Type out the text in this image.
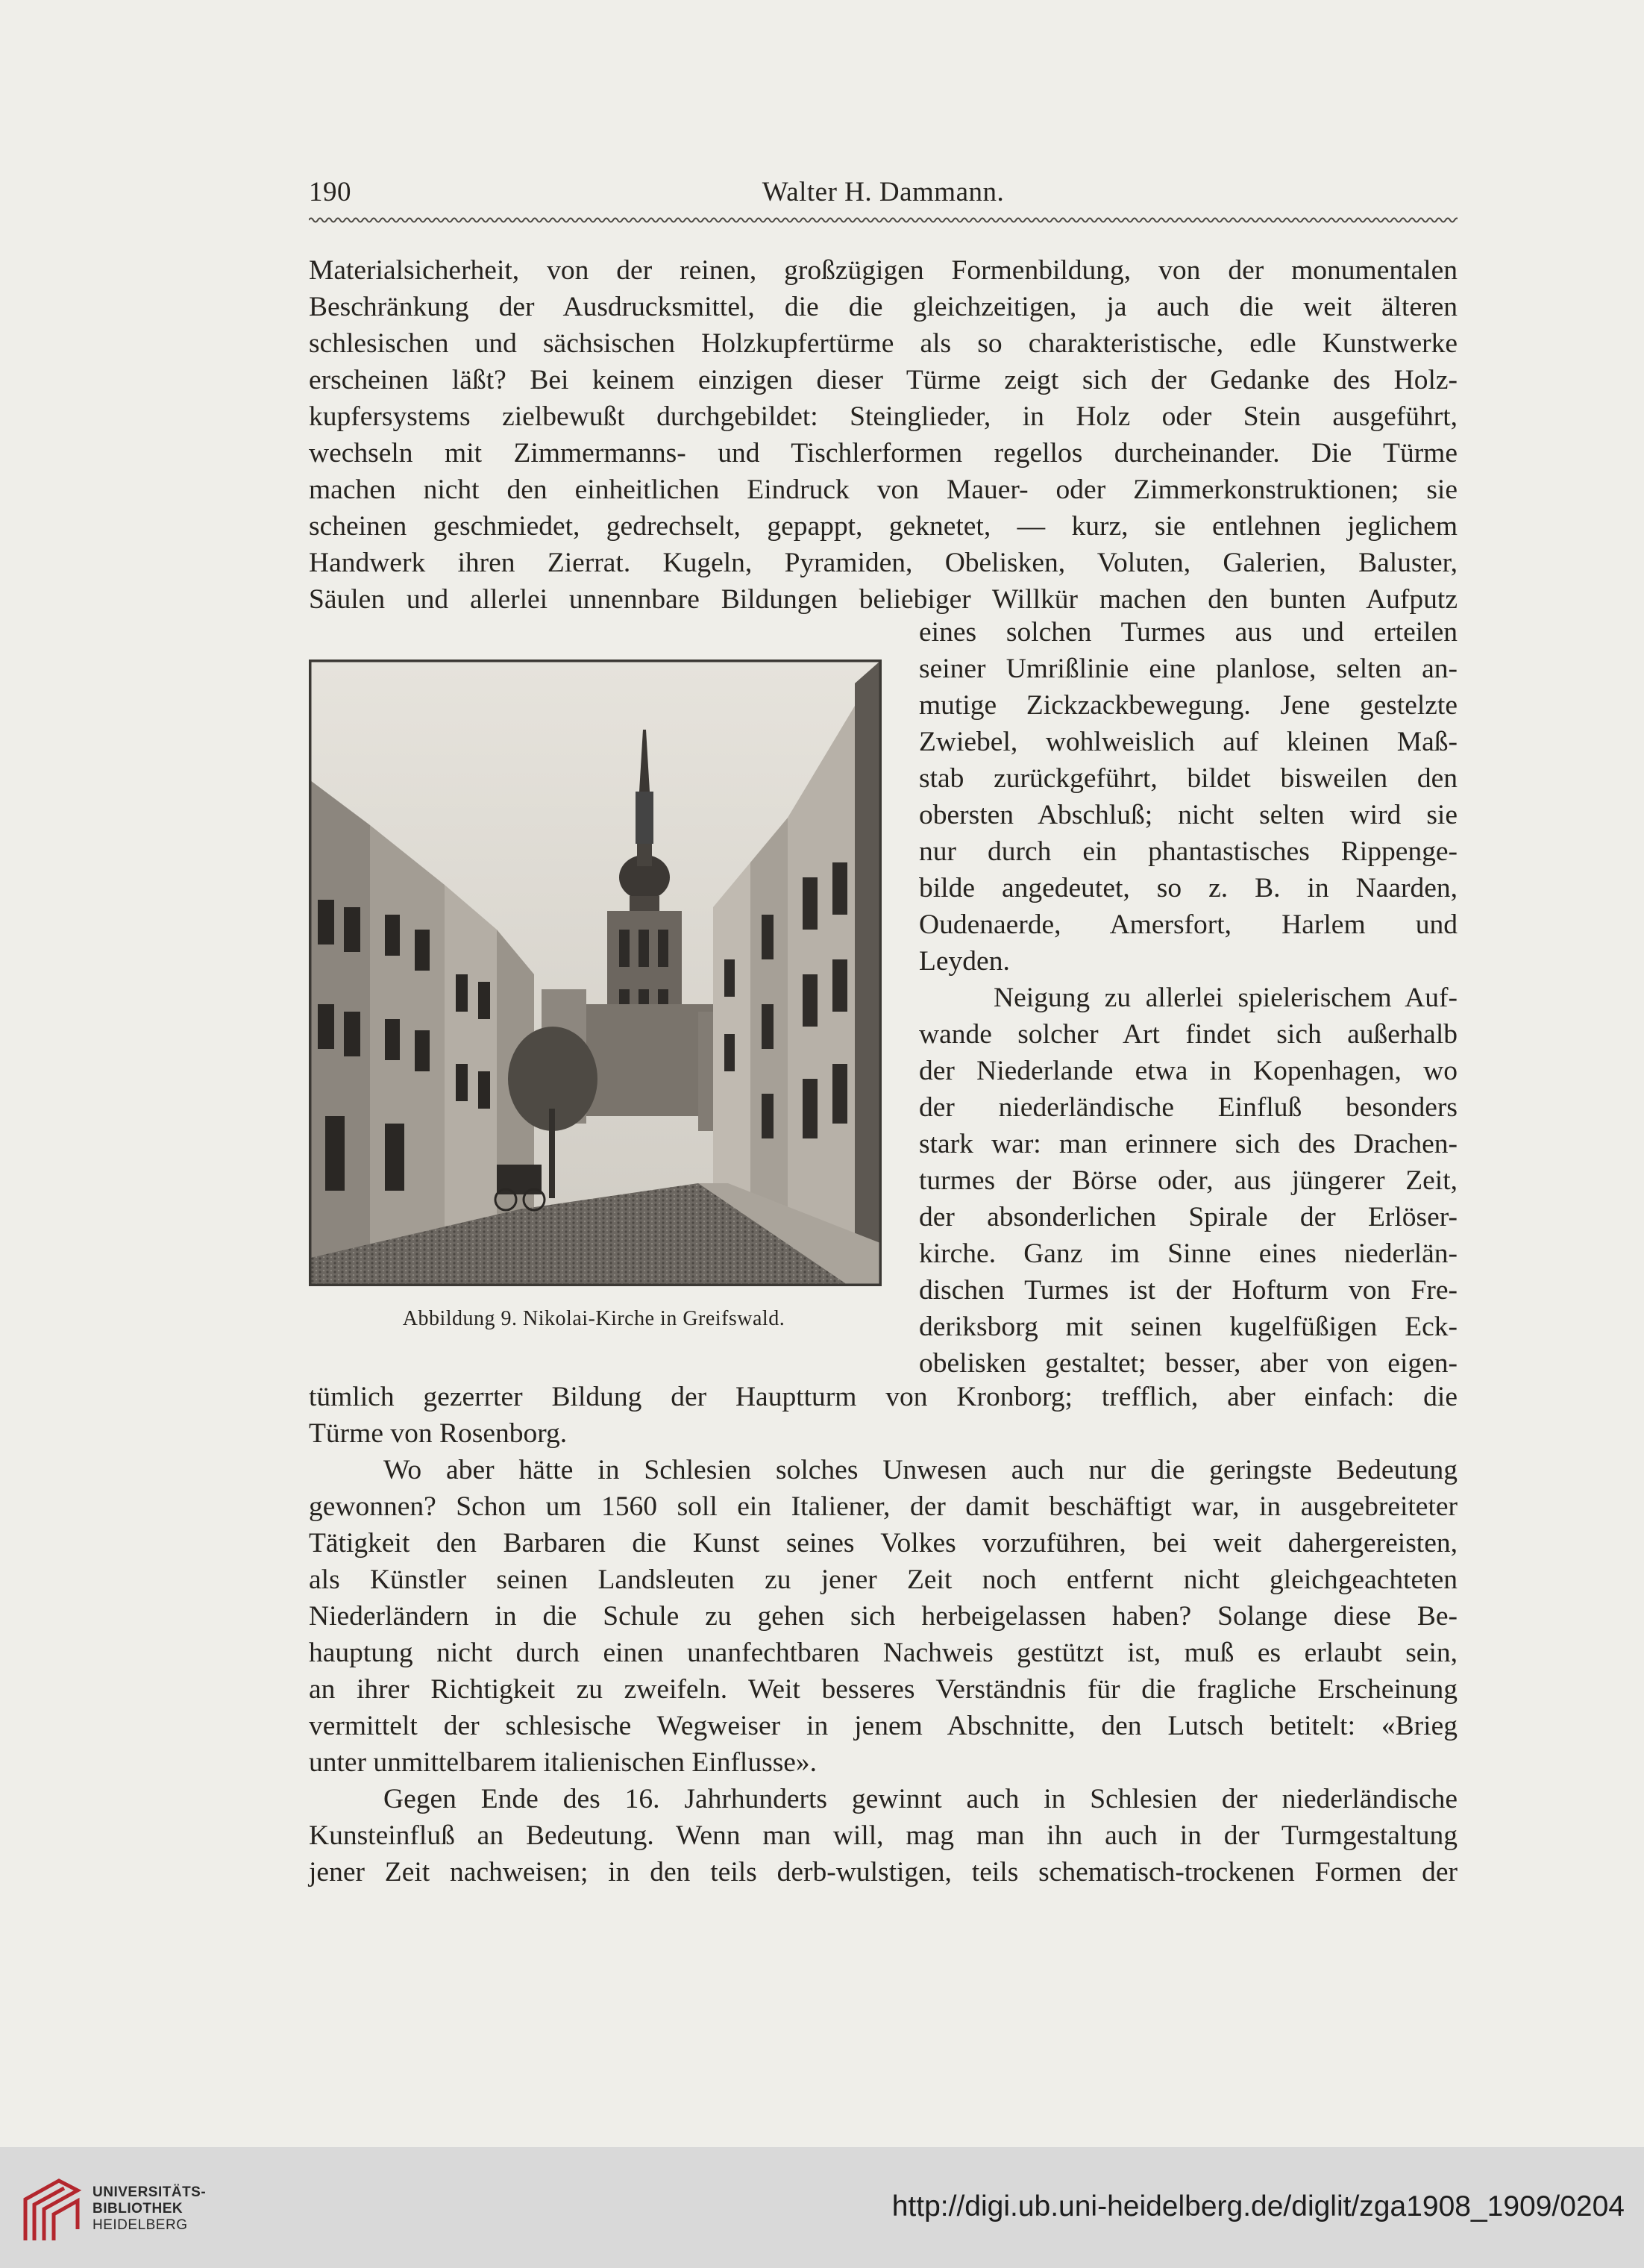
190	Walter H. Dammann.
Materialsicherheit, von der reinen, großzügigen Formenbildung, von der monumentalen
Beschränkung der Ausdrucksmittel, die die gleichzeitigen, ja auch die weit älteren
schlesischen und sächsischen Holzkupfertürme als so charakteristische, edle Kunstwerke
erscheinen läßt? Bei keinem einzigen dieser Türme zeigt sich der Gedanke des Holz-
kupfersystems zielbewußt durchgebildet: Steinglieder, in Holz oder Stein ausgeführt,
wechseln mit Zimmermanns- und Tischlerformen regellos durcheinander. Die Türme
machen nicht den einheitlichen Eindruck von Mauer- oder Zimmerkonstruktionen; sie
scheinen geschmiedet, gedrechselt, gepappt, geknetet, — kurz, sie entlehnen jeglichem
Handwerk ihren Zierrat. Kugeln, Pyramiden, Obelisken, Voluten, Galerien, Baluster,
Säulen und allerlei unnennbare Bildungen beliebiger Willkür machen den bunten Aufputz
eines solchen Turmes aus und erteilen
seiner Umrißlinie eine planlose, selten an-
mutige Zickzackbewegung. Jene gestelzte
Zwiebel, wohlweislich auf kleinen Maß-
stab zurückgeführt, bildet bisweilen den
obersten Abschluß; nicht selten wird sie
nur durch ein phantastisches Rippenge-
bilde angedeutet, so z. B. in Naarden,
Oudenaerde, Amersfort, Harlem und
Leyden.
Neigung zu allerlei spielerischem Auf-
wande solcher Art findet sich außerhalb
der Niederlande etwa in Kopenhagen, wo
der niederländische Einfluß besonders
stark war: man erinnere sich des Drachen-
turmes der Börse oder, aus jüngerer Zeit,
der absonderlichen Spirale der Erlöser-
kirche. Ganz im Sinne eines niederlän-
dischen Turmes ist der Hofturm von Fre-
deriksborg mit seinen kugelfüßigen Eck-
obelisken gestaltet; besser, aber von eigen-
Abbildung 9. Nikolai-Kirche in Greifswald.
tümlich gezerrter Bildung der Hauptturm von Kronborg; trefflich, aber einfach: die
Türme von Rosenborg.
Wo aber hätte in Schlesien solches Unwesen auch nur die geringste Bedeutung
gewonnen? Schon um 1560 soll ein Italiener, der damit beschäftigt war, in ausgebreiteter
Tätigkeit den Barbaren die Kunst seines Volkes vorzuführen, bei weit dahergereisten,
als Künstler seinen Landsleuten zu jener Zeit noch entfernt nicht gleichgeachteten
Niederländern in die Schule zu gehen sich herbeigelassen haben? Solange diese Be-
hauptung nicht durch einen unanfechtbaren Nachweis gestützt ist, muß es erlaubt sein,
an ihrer Richtigkeit zu zweifeln. Weit besseres Verständnis für die fragliche Erscheinung
vermittelt der schlesische Wegweiser in jenem Abschnitte, den Lutsch betitelt: «Brieg
unter unmittelbarem italienischen Einflusse».
Gegen Ende des 16. Jahrhunderts gewinnt auch in Schlesien der niederländische
Kunsteinfluß an Bedeutung. Wenn man will, mag man ihn auch in der Turmgestaltung
jener Zeit nachweisen; in den teils derb-wulstigen, teils schematisch-trockenen Formen der
UNIVERSITÄTS-
BIBLIOTHEK
HEIDELBERG
http://digi.ub.uni-heidelberg.de/diglit/zga1908_1909/0204
